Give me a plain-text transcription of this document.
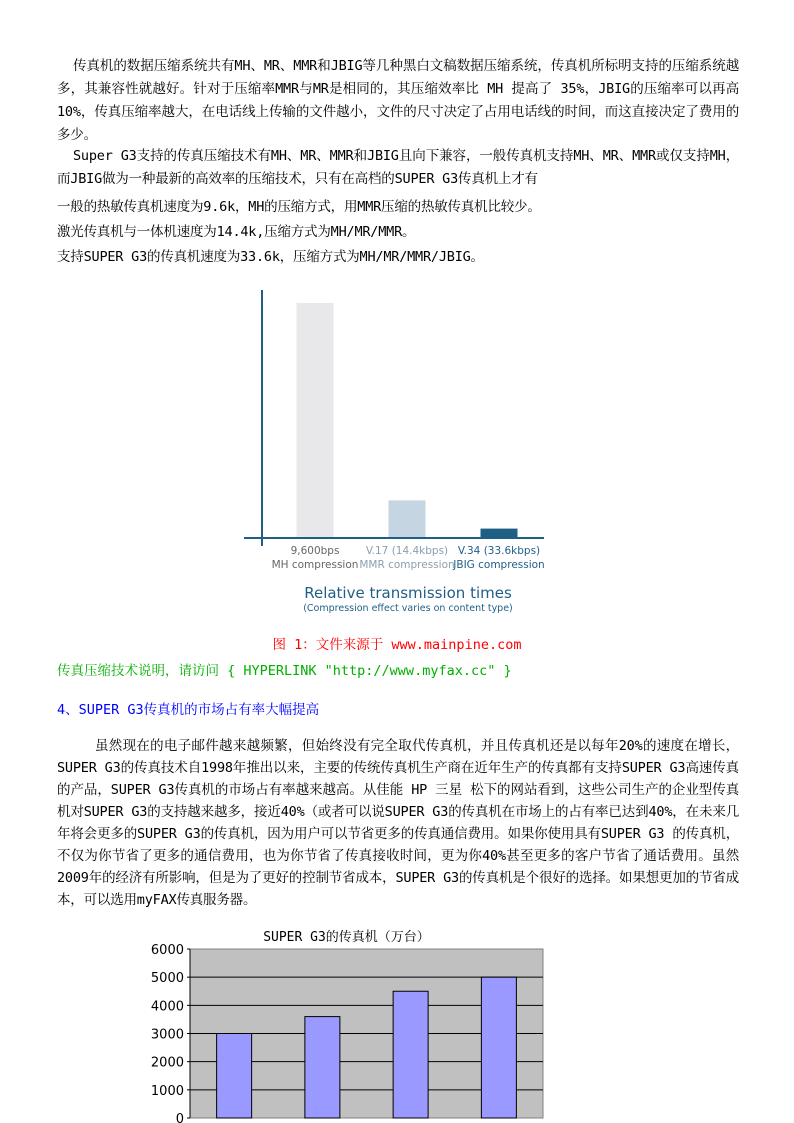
传真机的数据压缩系统共有MH、MR、MMR和JBIG等几种黑白文稿数据压缩系统，传真机所标明支持的压缩系统越多，其兼容性就越好。针对于压缩率MMR与MR是相同的，其压缩效率比 MH 提高了 35%，JBIG的压缩率可以再高10%，传真压缩率越大，在电话线上传输的文件越小，文件的尺寸决定了占用电话线的时间，而这直接决定了费用的多少。

Super G3支持的传真压缩技术有MH、MR、MMR和JBIG且向下兼容，一般传真机支持MH、MR、MMR或仅支持MH，而JBIG做为一种最新的高效率的压缩技术，只有在高档的SUPER G3传真机上才有

一般的热敏传真机速度为9.6k，MH的压缩方式，用MMR压缩的热敏传真机比较少。

激光传真机与一体机速度为14.4k,压缩方式为MH/MR/MMR。

支持SUPER G3的传真机速度为33.6k，压缩方式为MH/MR/MMR/JBIG。

9,600bps
MH compression
V.17 (14.4kbps)
MMR compression
V.34 (33.6kbps)
JBIG compression
Relative transmission times
(Compression effect varies on content type)
图 1：文件来源于 www.mainpine.com
传真压缩技术说明，请访问 { HYPERLINK "http://www.myfax.cc" }
4、SUPER G3传真机的市场占有率大幅提高

虽然现在的电子邮件越来越频繁，但始终没有完全取代传真机，并且传真机还是以每年20%的速度在增长，SUPER G3的传真技术自1998年推出以来，主要的传统传真机生产商在近年生产的传真都有支持SUPER G3高速传真的产品，SUPER G3传真机的市场占有率越来越高。从佳能 HP 三星 松下的网站看到，这些公司生产的企业型传真机对SUPER G3的支持越来越多，接近40%（或者可以说SUPER G3的传真机在市场上的占有率已达到40%，在未来几年将会更多的SUPER G3的传真机，因为用户可以节省更多的传真通信费用。如果你使用具有SUPER G3 的传真机，不仅为你节省了更多的通信费用，也为你节省了传真接收时间，更为你40%甚至更多的客户节省了通话费用。虽然2009年的经济有所影响，但是为了更好的控制节省成本，SUPER G3的传真机是个很好的选择。如果想更加的节省成本，可以选用myFAX传真服务器。

SUPER G3的传真机（万台）
0
1000
2000
3000
4000
5000
6000
